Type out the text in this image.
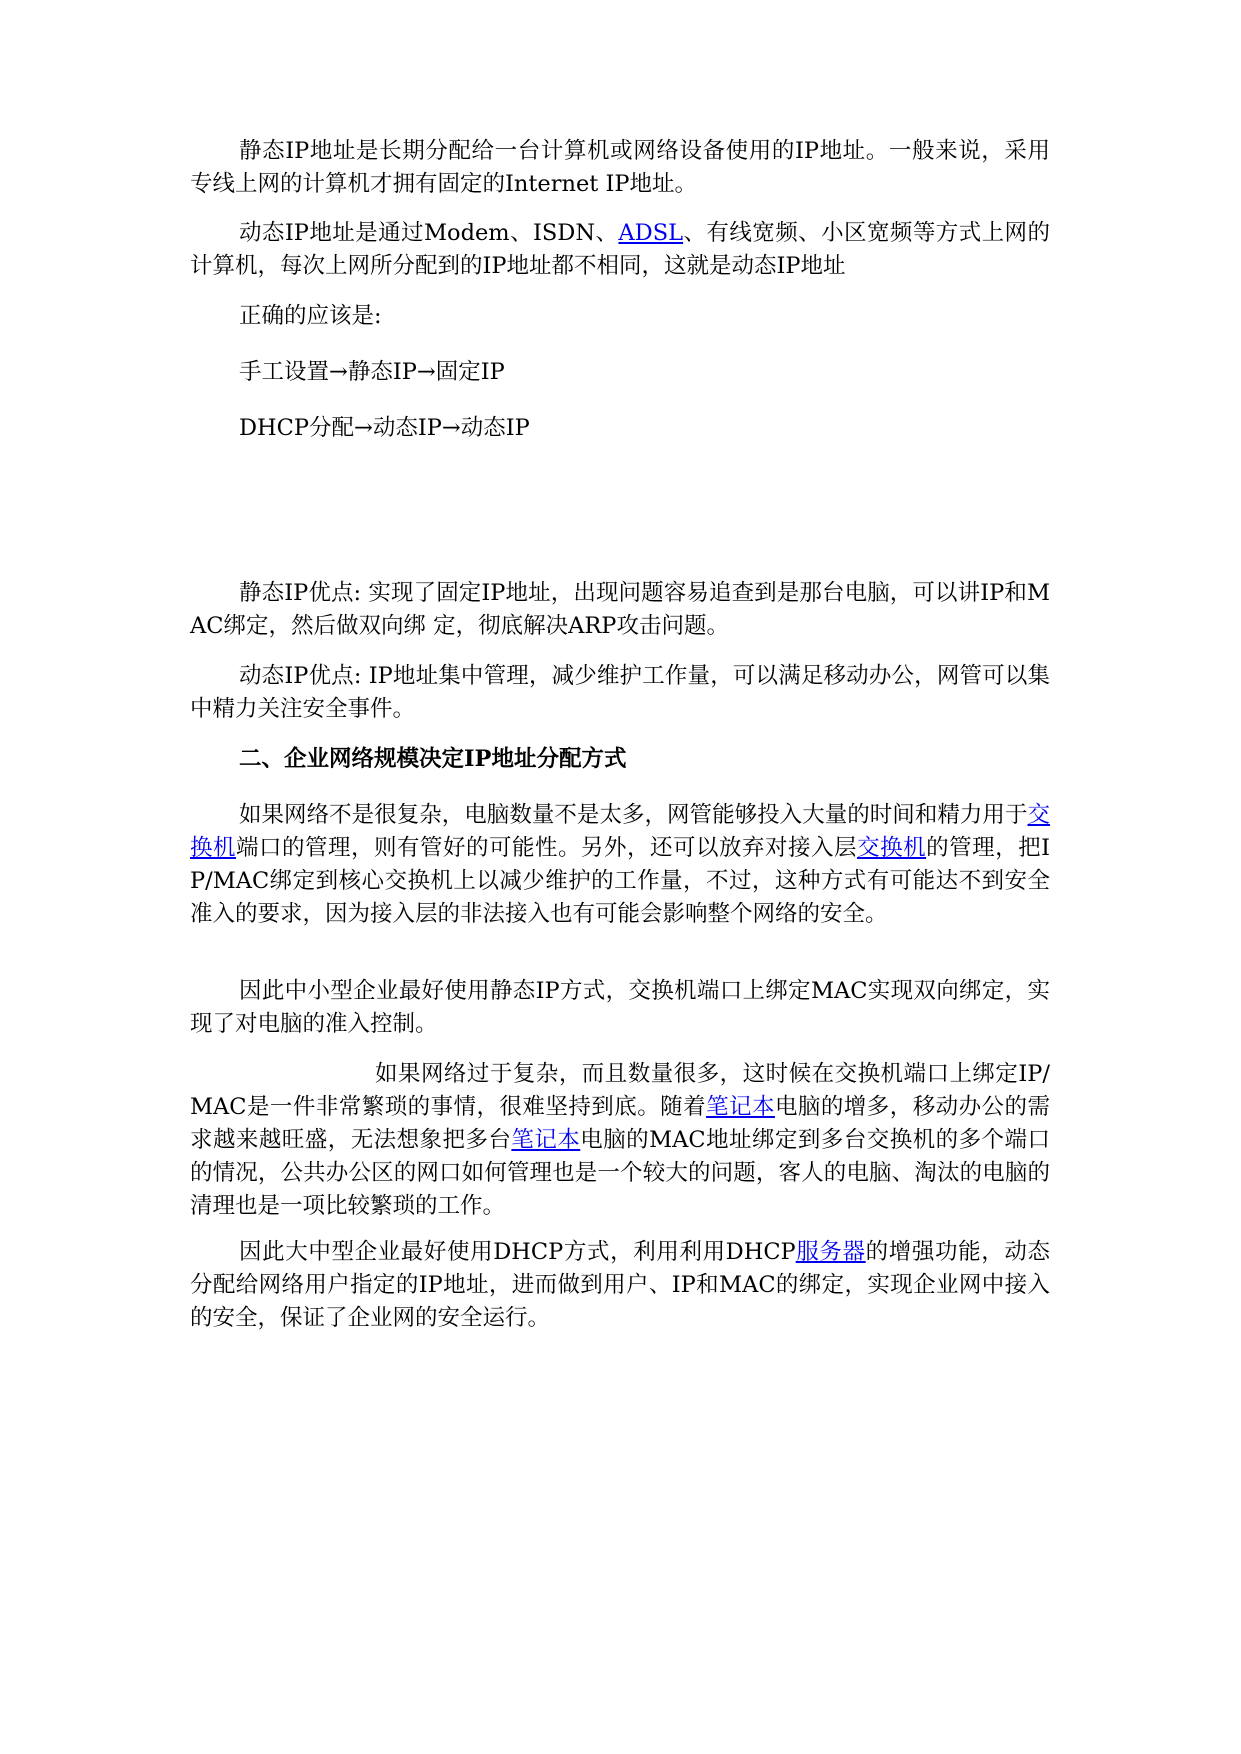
静态IP地址是长期分配给一台计算机或网络设备使用的IP地址。一般来说，采用专线上网的计算机才拥有固定的Internet IP地址。

动态IP地址是通过Modem、ISDN、ADSL、有线宽频、小区宽频等方式上网的计算机，每次上网所分配到的IP地址都不相同，这就是动态IP地址

正确的应该是:

手工设置→静态IP→固定IP

DHCP分配→动态IP→动态IP

静态IP优点: 实现了固定IP地址，出现问题容易追查到是那台电脑，可以讲IP和MAC绑定，然后做双向绑 定，彻底解决ARP攻击问题。

动态IP优点: IP地址集中管理，减少维护工作量，可以满足移动办公，网管可以集中精力关注安全事件。

二、企业网络规模决定IP地址分配方式

如果网络不是很复杂，电脑数量不是太多，网管能够投入大量的时间和精力用于交换机端口的管理，则有管好的可能性。另外，还可以放弃对接入层交换机的管理，把IP/MAC绑定到核心交换机上以减少维护的工作量，不过，这种方式有可能达不到安全准入的要求，因为接入层的非法接入也有可能会影响整个网络的安全。

因此中小型企业最好使用静态IP方式，交换机端口上绑定MAC实现双向绑定，实现了对电脑的准入控制。

如果网络过于复杂，而且数量很多，这时候在交换机端口上绑定IP/MAC是一件非常繁琐的事情，很难坚持到底。随着笔记本电脑的增多，移动办公的需求越来越旺盛，无法想象把多台笔记本电脑的MAC地址绑定到多台交换机的多个端口的情况，公共办公区的网口如何管理也是一个较大的问题，客人的电脑、淘汰的电脑的清理也是一项比较繁琐的工作。

因此大中型企业最好使用DHCP方式，利用利用DHCP服务器的增强功能，动态分配给网络用户指定的IP地址，进而做到用户、IP和MAC的绑定，实现企业网中接入的安全，保证了企业网的安全运行。
